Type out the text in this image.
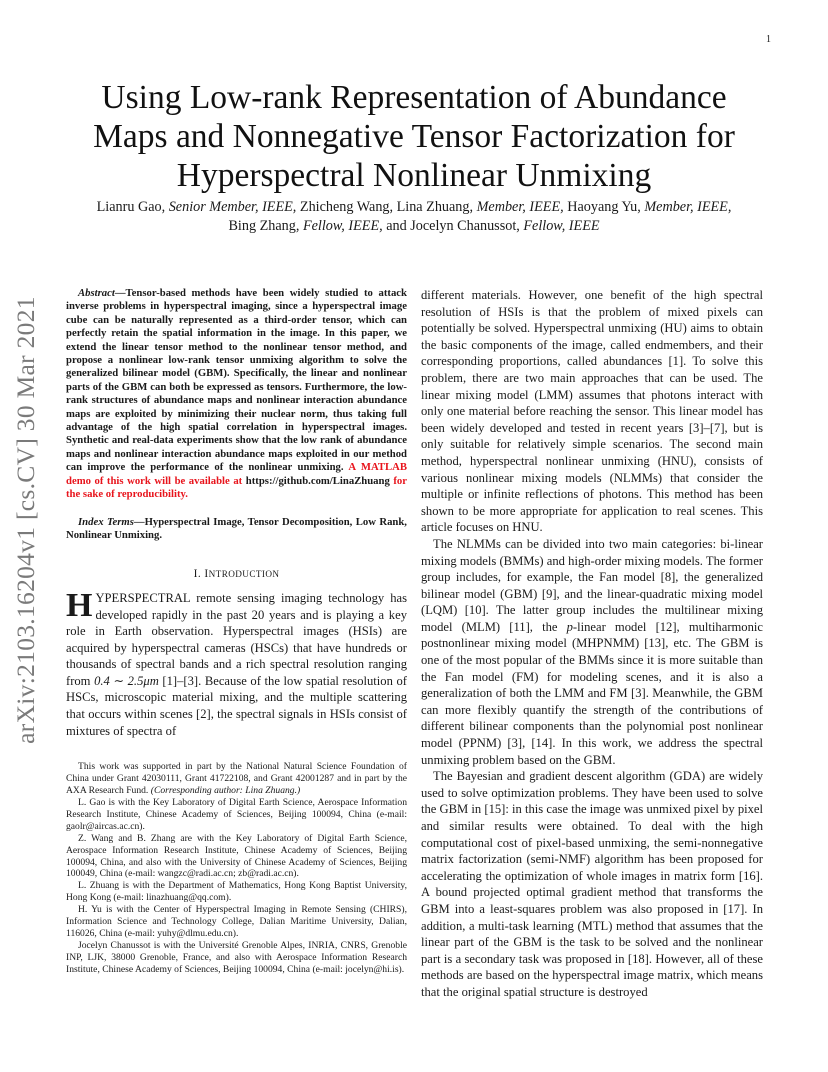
1
Using Low-rank Representation of Abundance Maps and Nonnegative Tensor Factorization for Hyperspectral Nonlinear Unmixing
Lianru Gao, Senior Member, IEEE, Zhicheng Wang, Lina Zhuang, Member, IEEE, Haoyang Yu, Member, IEEE,
Bing Zhang, Fellow, IEEE, and Jocelyn Chanussot, Fellow, IEEE
arXiv:2103.16204v1 [cs.CV] 30 Mar 2021

Abstract—Tensor-based methods have been widely studied to attack inverse problems in hyperspectral imaging, since a hyperspectral image cube can be naturally represented as a third-order tensor, which can perfectly retain the spatial information in the image. In this paper, we extend the linear tensor method to the nonlinear tensor method, and propose a nonlinear low-rank tensor unmixing algorithm to solve the generalized bilinear model (GBM). Specifically, the linear and nonlinear parts of the GBM can both be expressed as tensors. Furthermore, the low-rank structures of abundance maps and nonlinear interaction abundance maps are exploited by minimizing their nuclear norm, thus taking full advantage of the high spatial correlation in hyperspectral images. Synthetic and real-data experiments show that the low rank of abundance maps and nonlinear interaction abundance maps exploited in our method can improve the performance of the nonlinear unmixing. A MATLAB demo of this work will be available at https://github.com/LinaZhuang for the sake of reproducibility.

Index Terms—Hyperspectral Image, Tensor Decomposition, Low Rank, Nonlinear Unmixing.

I. INTRODUCTION

HYPERSPECTRAL remote sensing imaging technology has developed rapidly in the past 20 years and is playing a key role in Earth observation. Hyperspectral images (HSIs) are acquired by hyperspectral cameras (HSCs) that have hundreds or thousands of spectral bands and a rich spectral resolution ranging from 0.4 ∼ 2.5μm [1]–[3]. Because of the low spatial resolution of HSCs, microscopic material mixing, and the multiple scattering that occurs within scenes [2], the spectral signals in HSIs consist of mixtures of spectra of

This work was supported in part by the National Natural Science Foundation of China under Grant 42030111, Grant 41722108, and Grant 42001287 and in part by the AXA Research Fund. (Corresponding author: Lina Zhuang.)

L. Gao is with the Key Laboratory of Digital Earth Science, Aerospace Information Research Institute, Chinese Academy of Sciences, Beijing 100094, China (e-mail: gaolr@aircas.ac.cn).

Z. Wang and B. Zhang are with the Key Laboratory of Digital Earth Science, Aerospace Information Research Institute, Chinese Academy of Sciences, Beijing 100094, China, and also with the University of Chinese Academy of Sciences, Beijing 100049, China (e-mail: wangzc@radi.ac.cn; zb@radi.ac.cn).

L. Zhuang is with the Department of Mathematics, Hong Kong Baptist University, Hong Kong (e-mail: linazhuang@qq.com).

H. Yu is with the Center of Hyperspectral Imaging in Remote Sensing (CHIRS), Information Science and Technology College, Dalian Maritime University, Dalian, 116026, China (e-mail: yuhy@dlmu.edu.cn).

Jocelyn Chanussot is with the Université Grenoble Alpes, INRIA, CNRS, Grenoble INP, LJK, 38000 Grenoble, France, and also with Aerospace Information Research Institute, Chinese Academy of Sciences, Beijing 100094, China (e-mail: jocelyn@hi.is).

different materials. However, one benefit of the high spectral resolution of HSIs is that the problem of mixed pixels can potentially be solved. Hyperspectral unmixing (HU) aims to obtain the basic components of the image, called endmembers, and their corresponding proportions, called abundances [1]. To solve this problem, there are two main approaches that can be used. The linear mixing model (LMM) assumes that photons interact with only one material before reaching the sensor. This linear model has been widely developed and tested in recent years [3]–[7], but is only suitable for relatively simple scenarios. The second main method, hyperspectral nonlinear unmixing (HNU), consists of various nonlinear mixing models (NLMMs) that consider the multiple or infinite reflections of photons. This method has been shown to be more appropriate for application to real scenes. This article focuses on HNU.

The NLMMs can be divided into two main categories: bi-linear mixing models (BMMs) and high-order mixing models. The former group includes, for example, the Fan model [8], the generalized bilinear model (GBM) [9], and the linear-quadratic mixing model (LQM) [10]. The latter group includes the multilinear mixing model (MLM) [11], the p-linear model [12], multiharmonic postnonlinear mixing model (MHPNMM) [13], etc. The GBM is one of the most popular of the BMMs since it is more suitable than the Fan model (FM) for modeling scenes, and it is also a generalization of both the LMM and FM [3]. Meanwhile, the GBM can more flexibly quantify the strength of the contributions of different bilinear components than the polynomial post nonlinear model (PPNM) [3], [14]. In this work, we address the spectral unmixing problem based on the GBM.

The Bayesian and gradient descent algorithm (GDA) are widely used to solve optimization problems. They have been used to solve the GBM in [15]: in this case the image was unmixed pixel by pixel and similar results were obtained. To deal with the high computational cost of pixel-based unmixing, the semi-nonnegative matrix factorization (semi-NMF) algorithm has been proposed for accelerating the optimization of whole images in matrix form [16]. A bound projected optimal gradient method that transforms the GBM into a least-squares problem was also proposed in [17]. In addition, a multi-task learning (MTL) method that assumes that the linear part of the GBM is the task to be solved and the nonlinear part is a secondary task was proposed in [18]. However, all of these methods are based on the hyperspectral image matrix, which means that the original spatial structure is destroyed
